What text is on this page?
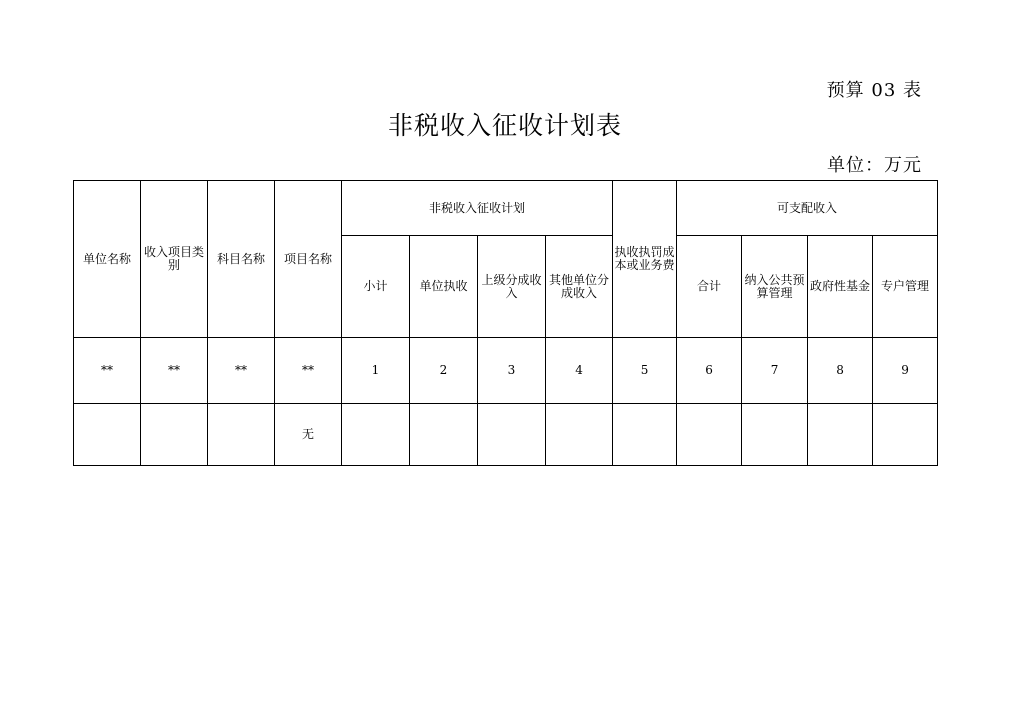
预算 03 表
非税收入征收计划表
单位：万元
单位名称	收入项目类别	科目名称	项目名称	非税收入征收计划				执收执罚成本或业务费	可支配收入			
				小计	单位执收	上级分成收入	其他单位分成收入		合计	纳入公共预算管理	政府性基金	专户管理
**	**	**	**	1	2	3	4	5	6	7	8	9
			无									
